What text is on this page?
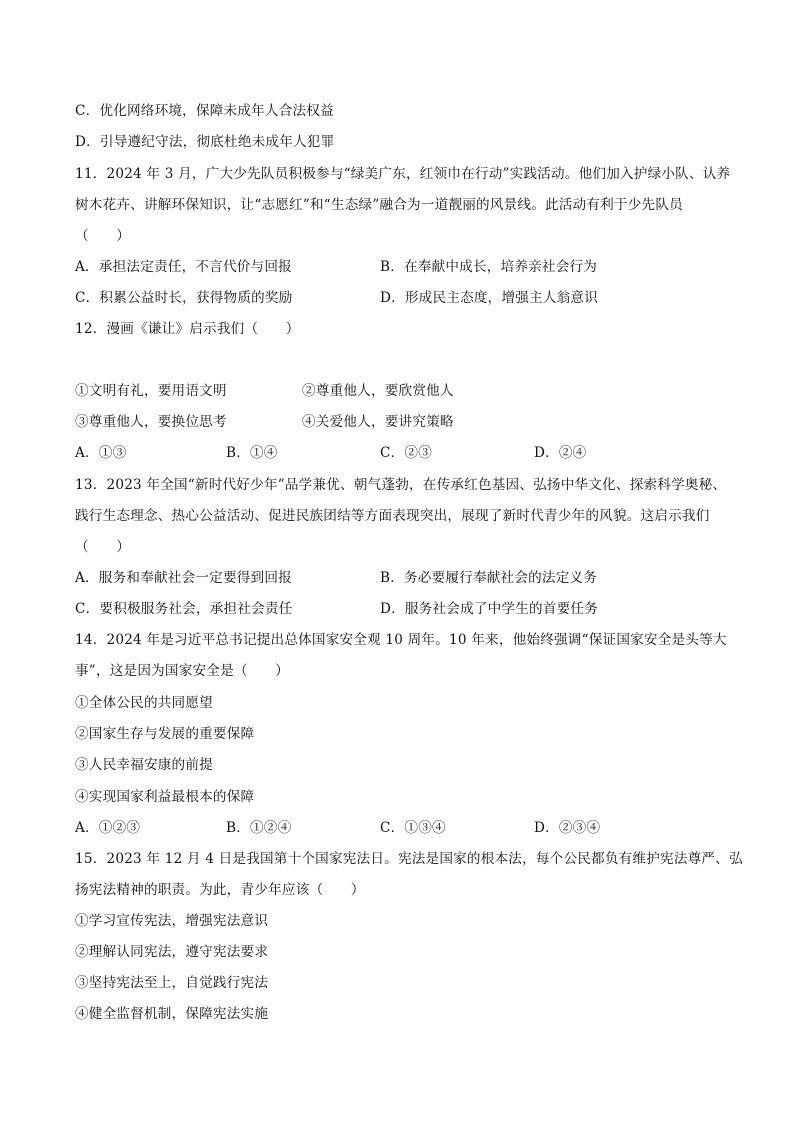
C．优化网络环境，保障未成年人合法权益
D．引导遵纪守法，彻底杜绝未成年人犯罪
11．2024 年 3 月，广大少先队员积极参与“绿美广东，红领巾在行动”实践活动。他们加入护绿小队、认养
树木花卉、讲解环保知识，让“志愿红”和“生态绿”融合为一道靓丽的风景线。此活动有利于少先队员
（　　）
A．承担法定责任，不言代价与回报	B．在奉献中成长，培养亲社会行为
C．积累公益时长，获得物质的奖励	D．形成民主态度，增强主人翁意识
12．漫画《谦让》启示我们（　　）
①文明有礼，要用语文明	②尊重他人，要欣赏他人
③尊重他人，要换位思考	④关爱他人，要讲究策略
A．①③	B．①④	C．②③	D．②④
13．2023 年全国“新时代好少年”品学兼优、朝气蓬勃，在传承红色基因、弘扬中华文化、探索科学奥秘、
践行生态理念、热心公益活动、促进民族团结等方面表现突出，展现了新时代青少年的风貌。这启示我们
（　　）
A．服务和奉献社会一定要得到回报	B．务必要履行奉献社会的法定义务
C．要积极服务社会，承担社会责任	D．服务社会成了中学生的首要任务
14．2024 年是习近平总书记提出总体国家安全观 10 周年。10 年来，他始终强调“保证国家安全是头等大
事”，这是因为国家安全是（　　）
①全体公民的共同愿望
②国家生存与发展的重要保障
③人民幸福安康的前提
④实现国家利益最根本的保障
A．①②③	B．①②④	C．①③④	D．②③④
15．2023 年 12 月 4 日是我国第十个国家宪法日。宪法是国家的根本法，每个公民都负有维护宪法尊严、弘
扬宪法精神的职责。为此，青少年应该（　　）
①学习宣传宪法，增强宪法意识
②理解认同宪法，遵守宪法要求
③坚持宪法至上，自觉践行宪法
④健全监督机制，保障宪法实施
